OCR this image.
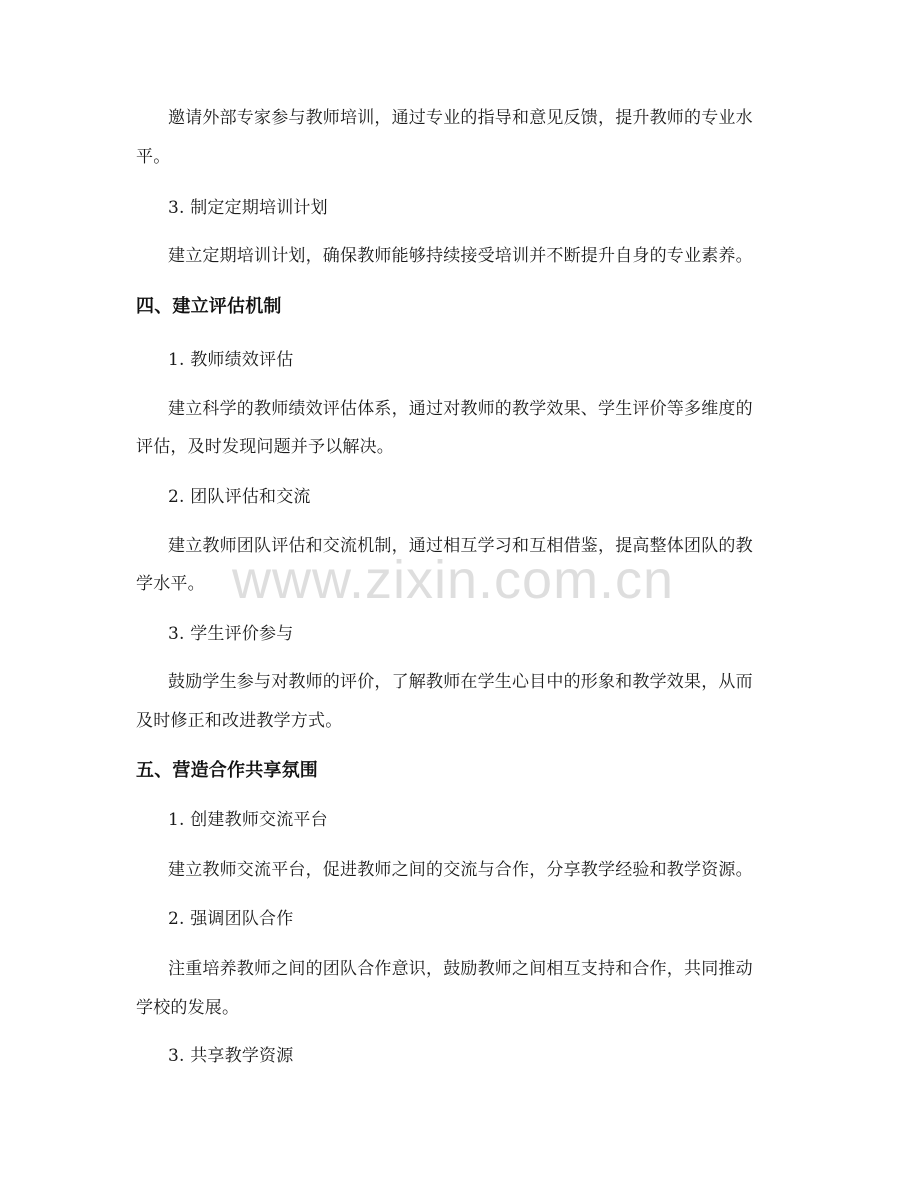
www.zixin.com.cn
邀请外部专家参与教师培训，通过专业的指导和意见反馈，提升教师的专业水
平。
3. 制定定期培训计划
建立定期培训计划，确保教师能够持续接受培训并不断提升自身的专业素养。
四、建立评估机制
1. 教师绩效评估
建立科学的教师绩效评估体系，通过对教师的教学效果、学生评价等多维度的
评估，及时发现问题并予以解决。
2. 团队评估和交流
建立教师团队评估和交流机制，通过相互学习和互相借鉴，提高整体团队的教
学水平。
3. 学生评价参与
鼓励学生参与对教师的评价，了解教师在学生心目中的形象和教学效果，从而
及时修正和改进教学方式。
五、营造合作共享氛围
1. 创建教师交流平台
建立教师交流平台，促进教师之间的交流与合作，分享教学经验和教学资源。
2. 强调团队合作
注重培养教师之间的团队合作意识，鼓励教师之间相互支持和合作，共同推动
学校的发展。
3. 共享教学资源
